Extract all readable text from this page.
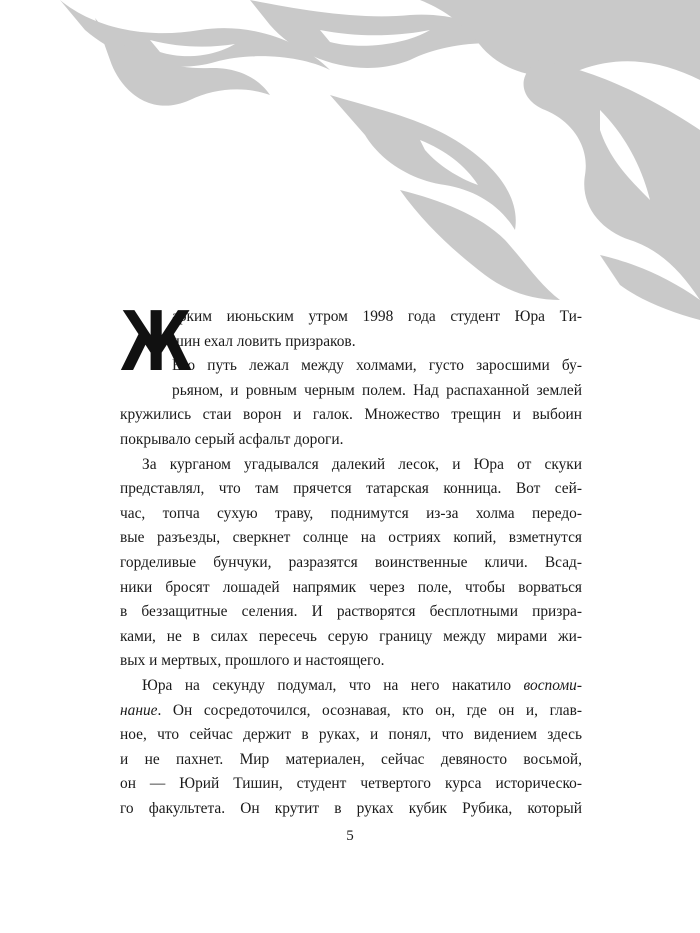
Ж
арким июньским утром 1998 года студент Юра Ти-
шин ехал ловить призраков.
Его путь лежал между холмами, густо заросшими бу-
рьяном, и ровным черным полем. Над распаханной землей
кружились стаи ворон и галок. Множество трещин и выбоин
покрывало серый асфальт дороги.
За курганом угадывался далекий лесок, и Юра от скуки
представлял, что там прячется татарская конница. Вот сей-
час, топча сухую траву, поднимутся из-за холма передо-
вые разъезды, сверкнет солнце на остриях копий, взметнутся
горделивые бунчуки, разразятся воинственные кличи. Всад-
ники бросят лошадей напрямик через поле, чтобы ворваться
в беззащитные селения. И растворятся бесплотными призра-
ками, не в силах пересечь серую границу между мирами жи-
вых и мертвых, прошлого и настоящего.
Юра на секунду подумал, что на него накатило воспоми-
нание. Он сосредоточился, осознавая, кто он, где он и, глав-
ное, что сейчас держит в руках, и понял, что видением здесь
и не пахнет. Мир материален, сейчас девяносто восьмой,
он — Юрий Тишин, студент четвертого курса историческо-
го факультета. Он крутит в руках кубик Рубика, который
5
